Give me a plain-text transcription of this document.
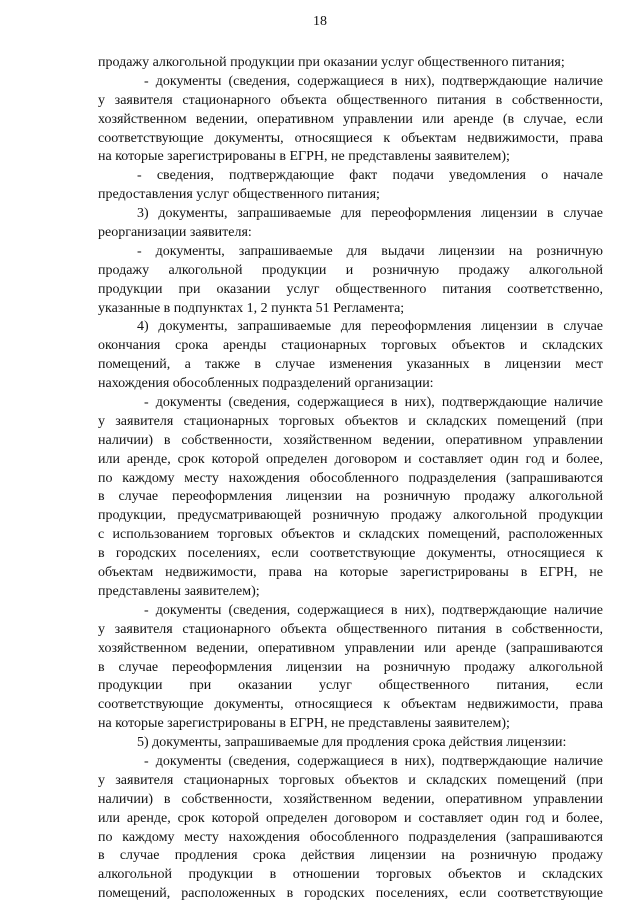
18
продажу алкогольной продукции при оказании услуг общественного питания;
- документы (сведения, содержащиеся в них), подтверждающие наличие
у заявителя стационарного объекта общественного питания в собственности,
хозяйственном ведении, оперативном управлении или аренде (в случае, если
соответствующие документы, относящиеся к объектам недвижимости, права
на которые зарегистрированы в ЕГРН, не представлены заявителем);
- сведения, подтверждающие факт подачи уведомления о начале
предоставления услуг общественного питания;
3) документы, запрашиваемые для переоформления лицензии в случае
реорганизации заявителя:
- документы, запрашиваемые для выдачи лицензии на розничную
продажу алкогольной продукции и розничную продажу алкогольной
продукции при оказании услуг общественного питания соответственно,
указанные в подпунктах 1, 2 пункта 51 Регламента;
4) документы, запрашиваемые для переоформления лицензии в случае
окончания срока аренды стационарных торговых объектов и складских
помещений, а также в случае изменения указанных в лицензии мест
нахождения обособленных подразделений организации:
- документы (сведения, содержащиеся в них), подтверждающие наличие
у заявителя стационарных торговых объектов и складских помещений (при
наличии) в собственности, хозяйственном ведении, оперативном управлении
или аренде, срок которой определен договором и составляет один год и более,
по каждому месту нахождения обособленного подразделения (запрашиваются
в случае переоформления лицензии на розничную продажу алкогольной
продукции, предусматривающей розничную продажу алкогольной продукции
с использованием торговых объектов и складских помещений, расположенных
в городских поселениях, если соответствующие документы, относящиеся к
объектам недвижимости, права на которые зарегистрированы в ЕГРН, не
представлены заявителем);
- документы (сведения, содержащиеся в них), подтверждающие наличие
у заявителя стационарного объекта общественного питания в собственности,
хозяйственном ведении, оперативном управлении или аренде (запрашиваются
в случае переоформления лицензии на розничную продажу алкогольной
продукции при оказании услуг общественного питания, если
соответствующие документы, относящиеся к объектам недвижимости, права
на которые зарегистрированы в ЕГРН, не представлены заявителем);
5) документы, запрашиваемые для продления срока действия лицензии:
- документы (сведения, содержащиеся в них), подтверждающие наличие
у заявителя стационарных торговых объектов и складских помещений (при
наличии) в собственности, хозяйственном ведении, оперативном управлении
или аренде, срок которой определен договором и составляет один год и более,
по каждому месту нахождения обособленного подразделения (запрашиваются
в случае продления срока действия лицензии на розничную продажу
алкогольной продукции в отношении торговых объектов и складских
помещений, расположенных в городских поселениях, если соответствующие
